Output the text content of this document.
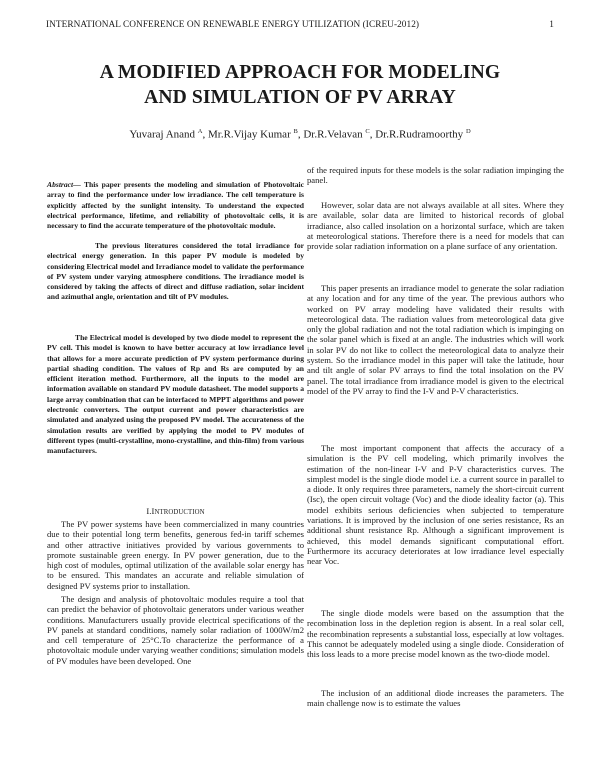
INTERNATIONAL CONFERENCE ON RENEWABLE ENERGY UTILIZATION (ICREU-2012)	1
A MODIFIED APPROACH FOR MODELING
AND SIMULATION OF PV ARRAY
Yuvaraj Anand $^A$, Mr.R.Vijay Kumar $^B$, Dr.R.Velavan $^C$, Dr.R.Rudramoorthy $^D$

Abstract— This paper presents the modeling and simulation of Photovoltaic array to find the performance under low irradiance. The cell temperature is explicitly affected by the sunlight intensity. To understand the expected electrical performance, lifetime, and reliability of photovoltaic cells, it is necessary to find the accurate temperature of the photovoltaic module.

The previous literatures considered the total irradiance for electrical energy generation. In this paper PV module is modeled by considering Electrical model and Irradiance model to validate the performance of PV system under varying atmosphere conditions. The irradiance model is considered by taking the affects of direct and diffuse radiation, solar incident and azimuthal angle, orientation and tilt of PV modules.

The Electrical model is developed by two diode model to represent the PV cell. This model is known to have better accuracy at low irradiance level that allows for a more accurate prediction of PV system performance during partial shading condition. The values of Rp and Rs are computed by an efficient iteration method. Furthermore, all the inputs to the model are information available on standard PV module datasheet. The model supports a large array combination that can be interfaced to MPPT algorithms and power electronic converters. The output current and power characteristics are simulated and analyzed using the proposed PV model. The accurateness of the simulation results are verified by applying the model to PV modules of different types (multi-crystalline, mono-crystalline, and thin-film) from various manufacturers.

I.INTRODUCTION

The PV power systems have been commercialized in many countries due to their potential long term benefits, generous fed-in tariff schemes and other attractive initiatives provided by various governments to promote sustainable green energy. In PV power generation, due to the high cost of modules, optimal utilization of the available solar energy has to be ensured. This mandates an accurate and reliable simulation of designed PV systems prior to installation.

The design and analysis of photovoltaic modules require a tool that can predict the behavior of photovoltaic generators under various weather conditions. Manufacturers usually provide electrical specifications of the PV panels at standard conditions, namely solar radiation of 1000W/m2 and cell temperature of 25°C.To characterize the performance of a photovoltaic module under varying weather conditions; simulation models of PV modules have been developed. One

of the required inputs for these models is the solar radiation impinging the panel.

However, solar data are not always available at all sites. Where they are available, solar data are limited to historical records of global irradiance, also called insolation on a horizontal surface, which are taken at meteorological stations. Therefore there is a need for models that can provide solar radiation information on a plane surface of any orientation.

This paper presents an irradiance model to generate the solar radiation at any location and for any time of the year. The previous authors who worked on PV array modeling have validated their results with meteorological data. The radiation values from meteorological data give only the global radiation and not the total radiation which is impinging on the solar panel which is fixed at an angle. The industries which will work in solar PV do not like to collect the meteorological data to analyze their system. So the irradiance model in this paper will take the latitude, hour and tilt angle of solar PV arrays to find the total insolation on the PV panel. The total irradiance from irradiance model is given to the electrical model of the PV array to find the I-V and P-V characteristics.

The most important component that affects the accuracy of a simulation is the PV cell modeling, which primarily involves the estimation of the non-linear I-V and P-V characteristics curves. The simplest model is the single diode model i.e. a current source in parallel to a diode. It only requires three parameters, namely the short-circuit current (Isc), the open circuit voltage (Voc) and the diode ideality factor (a). This model exhibits serious deficiencies when subjected to temperature variations. It is improved by the inclusion of one series resistance, Rs an additional shunt resistance Rp. Although a significant improvement is achieved, this model demands significant computational effort. Furthermore its accuracy deteriorates at low irradiance level especially near Voc.

The single diode models were based on the assumption that the recombination loss in the depletion region is absent. In a real solar cell, the recombination represents a substantial loss, especially at low voltages. This cannot be adequately modeled using a single diode. Consideration of this loss leads to a more precise model known as the two-diode model.

The inclusion of an additional diode increases the parameters. The main challenge now is to estimate the values
